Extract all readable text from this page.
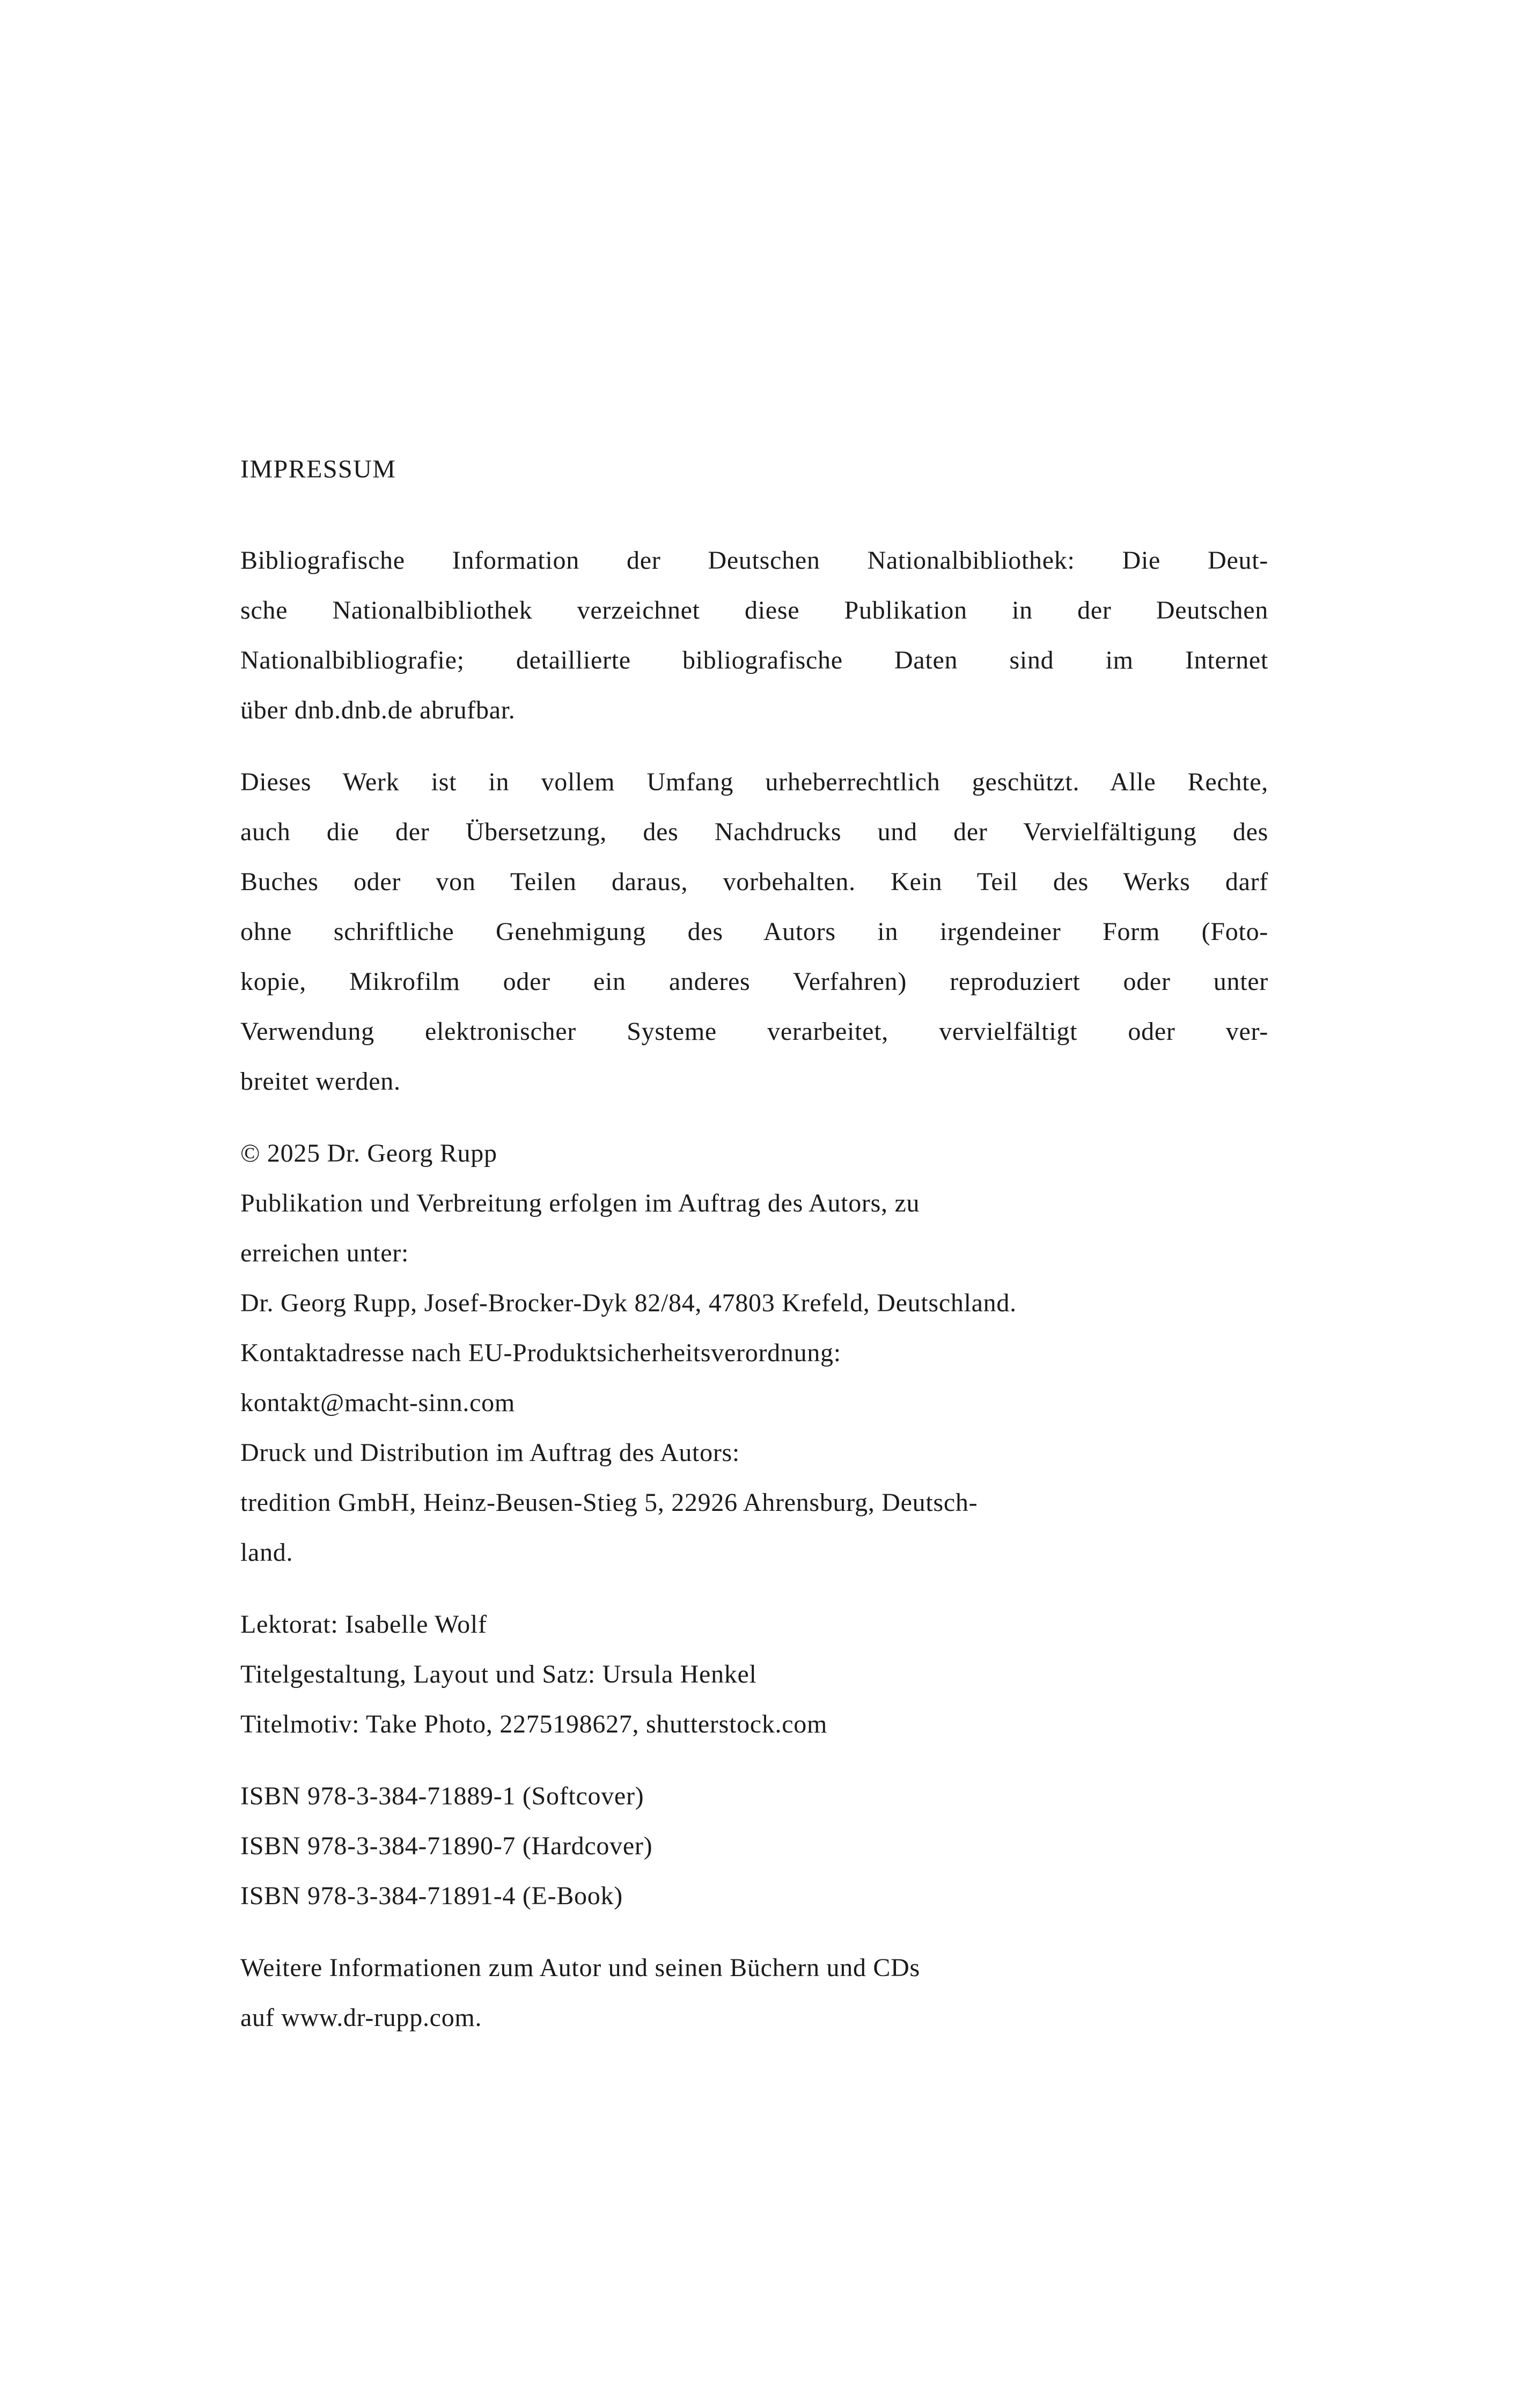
IMPRESSUM
Bibliografische Information der Deutschen Nationalbibliothek: Die Deut-
sche Nationalbibliothek verzeichnet diese Publikation in der Deutschen
Nationalbibliografie; detaillierte bibliografische Daten sind im Internet
über dnb.dnb.de abrufbar.
Dieses Werk ist in vollem Umfang urheberrechtlich geschützt. Alle Rechte,
auch die der Übersetzung, des Nachdrucks und der Vervielfältigung des
Buches oder von Teilen daraus, vorbehalten. Kein Teil des Werks darf
ohne schriftliche Genehmigung des Autors in irgendeiner Form (Foto-
kopie, Mikrofilm oder ein anderes Verfahren) reproduziert oder unter
Verwendung elektronischer Systeme verarbeitet, vervielfältigt oder ver-
breitet werden.
© 2025 Dr. Georg Rupp
Publikation und Verbreitung erfolgen im Auftrag des Autors, zu
erreichen unter:
Dr. Georg Rupp, Josef-Brocker-Dyk 82/84, 47803 Krefeld, Deutschland.
Kontaktadresse nach EU-Produktsicherheitsverordnung:
kontakt@macht-sinn.com
Druck und Distribution im Auftrag des Autors:
tredition GmbH, Heinz-Beusen-Stieg 5, 22926 Ahrensburg, Deutsch-
land.
Lektorat: Isabelle Wolf
Titelgestaltung, Layout und Satz: Ursula Henkel
Titelmotiv: Take Photo, 2275198627, shutterstock.com
ISBN 978-3-384-71889-1 (Softcover)
ISBN 978-3-384-71890-7 (Hardcover)
ISBN 978-3-384-71891-4 (E-Book)
Weitere Informationen zum Autor und seinen Büchern und CDs
auf www.dr-rupp.com.
